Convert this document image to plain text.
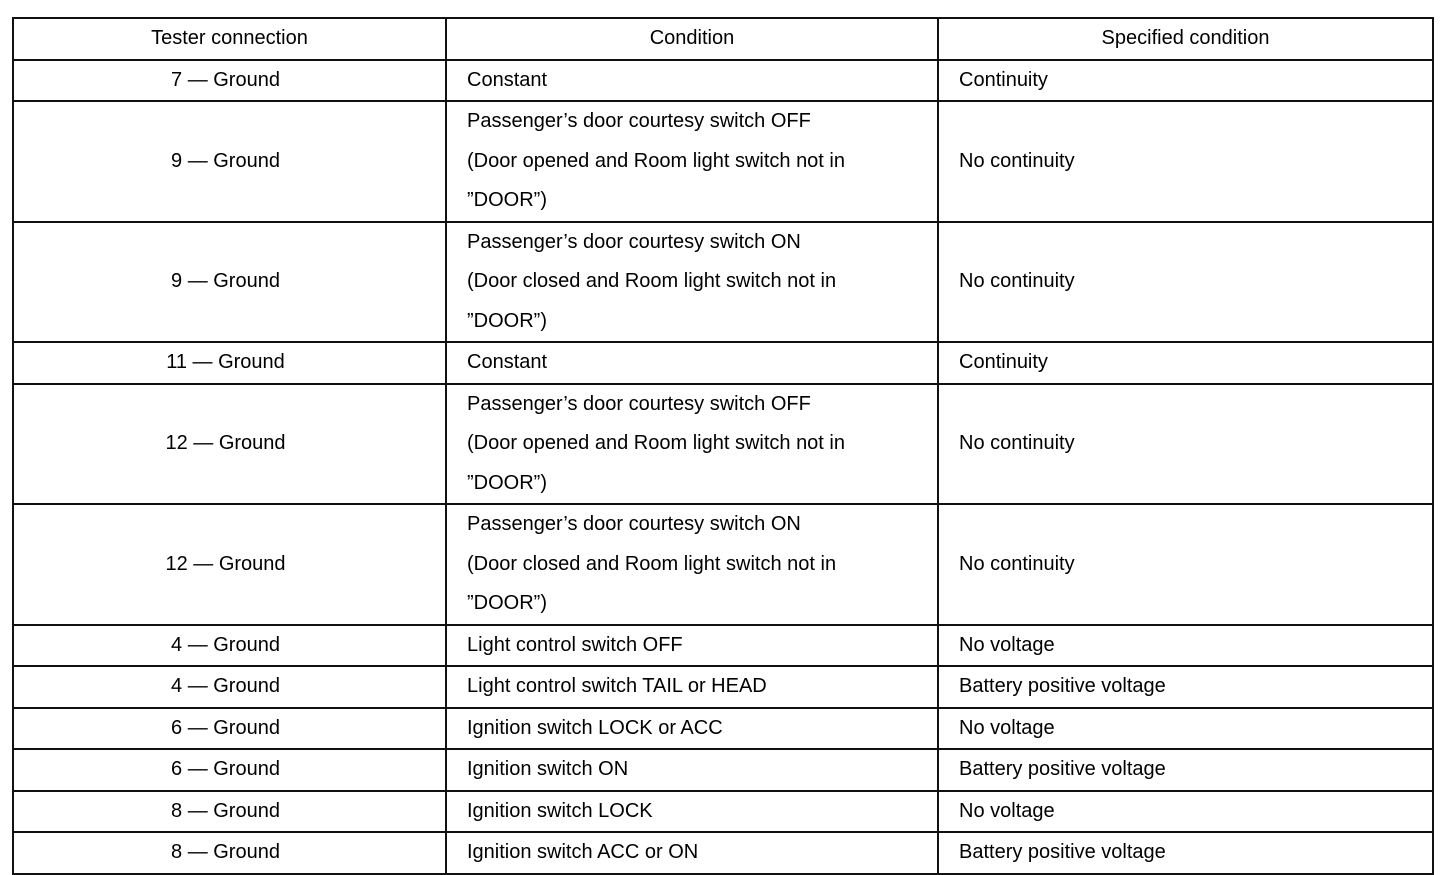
Tester connection	Condition	Specified condition
7 — Ground	Constant	Continuity
9 — Ground	Passenger’s door courtesy switch OFF
(Door opened and Room light switch not in
”DOOR”)	No continuity
9 — Ground	Passenger’s door courtesy switch ON
(Door closed and Room light switch not in
”DOOR”)	No continuity
11 — Ground	Constant	Continuity
12 — Ground	Passenger’s door courtesy switch OFF
(Door opened and Room light switch not in
”DOOR”)	No continuity
12 — Ground	Passenger’s door courtesy switch ON
(Door closed and Room light switch not in
”DOOR”)	No continuity
4 — Ground	Light control switch OFF	No voltage
4 — Ground	Light control switch TAIL or HEAD	Battery positive voltage
6 — Ground	Ignition switch LOCK or ACC	No voltage
6 — Ground	Ignition switch ON	Battery positive voltage
8 — Ground	Ignition switch LOCK	No voltage
8 — Ground	Ignition switch ACC or ON	Battery positive voltage
